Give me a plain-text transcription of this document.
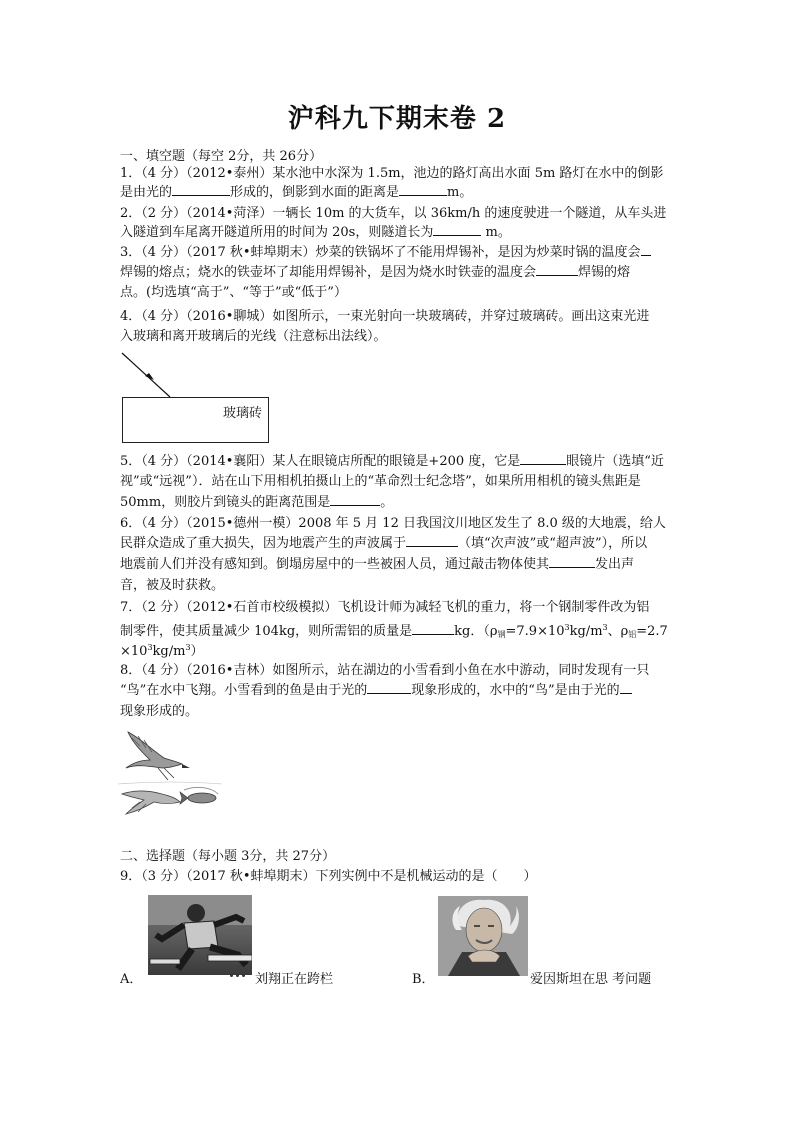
沪科九下期末卷 2
一、填空题（每空 2分，共 26分）
1．（4 分）（2012•泰州）某水池中水深为 1.5m，池边的路灯高出水面 5m 路灯在水中的倒影
是由光的	形成的，倒影到水面的距离是	m。
2．（2 分）（2014•菏泽）一辆长 10m 的大货车，以 36km/h 的速度驶进一个隧道，从车头进
入隧道到车尾离开隧道所用的时间为 20s，则隧道长为	m。
3．（4 分）（2017 秋•蚌埠期末）炒菜的铁锅坏了不能用焊锡补，是因为炒菜时锅的温度会
焊锡的熔点；烧水的铁壶坏了却能用焊锡补，是因为烧水时铁壶的温度会	焊锡的熔
点。(均选填“高于”、“等于”或“低于”）
4．（4 分）（2016•聊城）如图所示，一束光射向一块玻璃砖，并穿过玻璃砖。画出这束光进
入玻璃和离开玻璃后的光线（注意标出法线）。
玻璃砖
5．（4 分）（2014•襄阳）某人在眼镜店所配的眼镜是+200 度，它是	眼镜片（选填“近
视”或“远视”）．站在山下用相机拍摄山上的“革命烈士纪念塔”，如果所用相机的镜头焦距是
50mm，则胶片到镜头的距离范围是	。
6．（4 分）（2015•德州一模）2008 年 5 月 12 日我国汶川地区发生了 8.0 级的大地震，给人
民群众造成了重大损失，因为地震产生的声波属于	（填“次声波”或“超声波”），所以
地震前人们并没有感知到。倒塌房屋中的一些被困人员，通过敲击物体使其	发出声
音，被及时获救。
7．（2 分）（2012•石首市校级模拟）飞机设计师为减轻飞机的重力，将一个钢制零件改为铝
制零件，使其质量减少 104kg，则所需铝的质量是	kg．（$\rho_钢=7.9\times 10^3kg/m^3$、$\rho_铝=2.7$
$\times 10^3kg/m^3$）
8．（4 分）（2016•吉林）如图所示，站在湖边的小雪看到小鱼在水中游动，同时发现有一只
“鸟”在水中飞翔。小雪看到的鱼是由于光的	现象形成的，水中的“鸟”是由于光的
现象形成的。
二、选择题（每小题 3分，共 27分）
9．（3 分）（2017 秋•蚌埠期末）下列实例中不是机械运动的是（　　）
A．	刘翔正在跨栏	B．	爱因斯坦在思 考问题
